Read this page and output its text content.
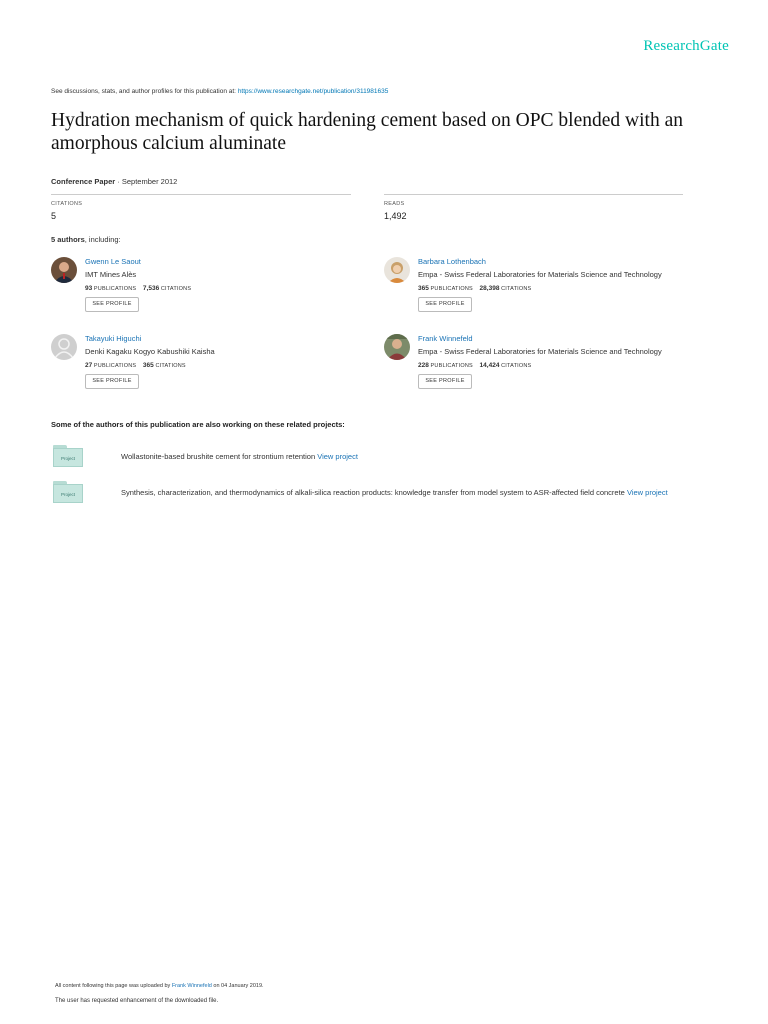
ResearchGate
See discussions, stats, and author profiles for this publication at: https://www.researchgate.net/publication/311981635
Hydration mechanism of quick hardening cement based on OPC blended with an amorphous calcium aluminate
Conference Paper · September 2012
CITATIONS
5
READS
1,492
5 authors, including:
Gwenn Le Saout
IMT Mines Alès
93 PUBLICATIONS 7,536 CITATIONS
SEE PROFILE
Barbara Lothenbach
Empa - Swiss Federal Laboratories for Materials Science and Technology
365 PUBLICATIONS 28,398 CITATIONS
SEE PROFILE
Takayuki Higuchi
Denki Kagaku Kogyo Kabushiki Kaisha
27 PUBLICATIONS 365 CITATIONS
SEE PROFILE
Frank Winnefeld
Empa - Swiss Federal Laboratories for Materials Science and Technology
228 PUBLICATIONS 14,424 CITATIONS
SEE PROFILE
Some of the authors of this publication are also working on these related projects:
Project	Wollastonite-based brushite cement for strontium retention View project
Project	Synthesis, characterization, and thermodynamics of alkali-silica reaction products: knowledge transfer from model system to ASR-affected field concrete View project
All content following this page was uploaded by Frank Winnefeld on 04 January 2019.
The user has requested enhancement of the downloaded file.
